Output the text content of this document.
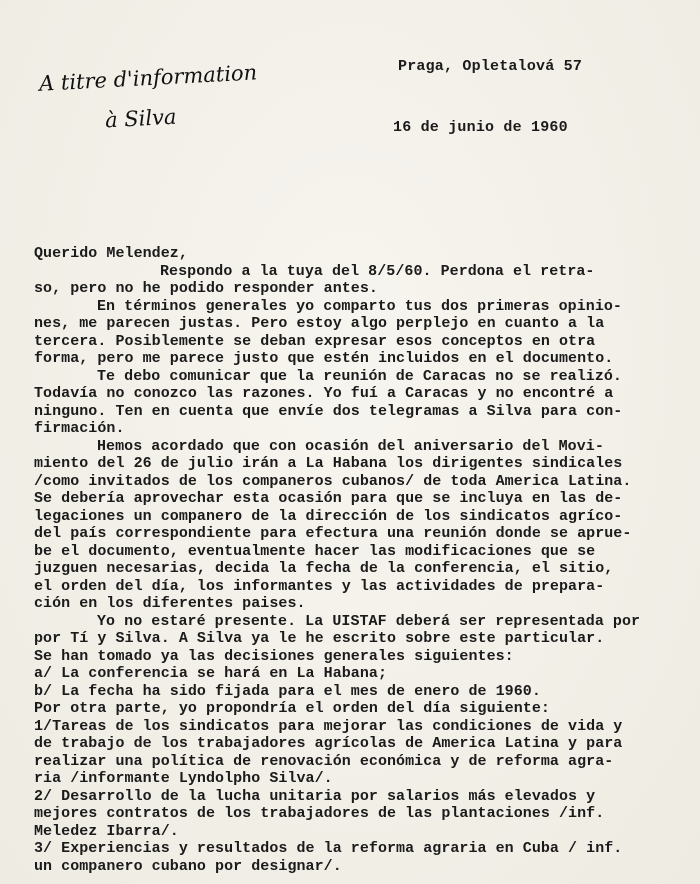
A titre d'information
à Silva
Praga, Opletalová 57
16 de junio de 1960
Querido Melendez,
Respondo a la tuya del 8/5/60. Perdona el retra-
so, pero no he podido responder antes.
En términos generales yo comparto tus dos primeras opinio-
nes, me parecen justas. Pero estoy algo perplejo en cuanto a la
tercera. Posiblemente se deban expresar esos conceptos en otra
forma, pero me parece justo que estén incluidos en el documento.
Te debo comunicar que la reunión de Caracas no se realizó.
Todavía no conozco las razones. Yo fuí a Caracas y no encontré a
ninguno. Ten en cuenta que envíe dos telegramas a Silva para con-
firmación.
Hemos acordado que con ocasión del aniversario del Movi-
miento del 26 de julio irán a La Habana los dirigentes sindicales
/como invitados de los companeros cubanos/ de toda America Latina.
Se debería aprovechar esta ocasión para que se incluya en las de-
legaciones un companero de la dirección de los sindicatos agríco-
del país correspondiente para efectura una reunión donde se aprue-
be el documento, eventualmente hacer las modificaciones que se
juzguen necesarias, decida la fecha de la conferencia, el sitio,
el orden del día, los informantes y las actividades de prepara-
ción en los diferentes paises.
Yo no estaré presente. La UISTAF deberá ser representada por
por Tí y Silva. A Silva ya le he escrito sobre este particular.
Se han tomado ya las decisiones generales siguientes:
a/ La conferencia se hará en La Habana;
b/ La fecha ha sido fijada para el mes de enero de 1960.
Por otra parte, yo propondría el orden del día siguiente:
1/Tareas de los sindicatos para mejorar las condiciones de vida y
de trabajo de los trabajadores agrícolas de America Latina y para
realizar una política de renovación económica y de reforma agra-
ria /informante Lyndolpho Silva/.
2/ Desarrollo de la lucha unitaria por salarios más elevados y
mejores contratos de los trabajadores de las plantaciones /inf.
Meledez Ibarra/.
3/ Experiencias y resultados de la reforma agraria en Cuba / inf.
un companero cubano por designar/.
